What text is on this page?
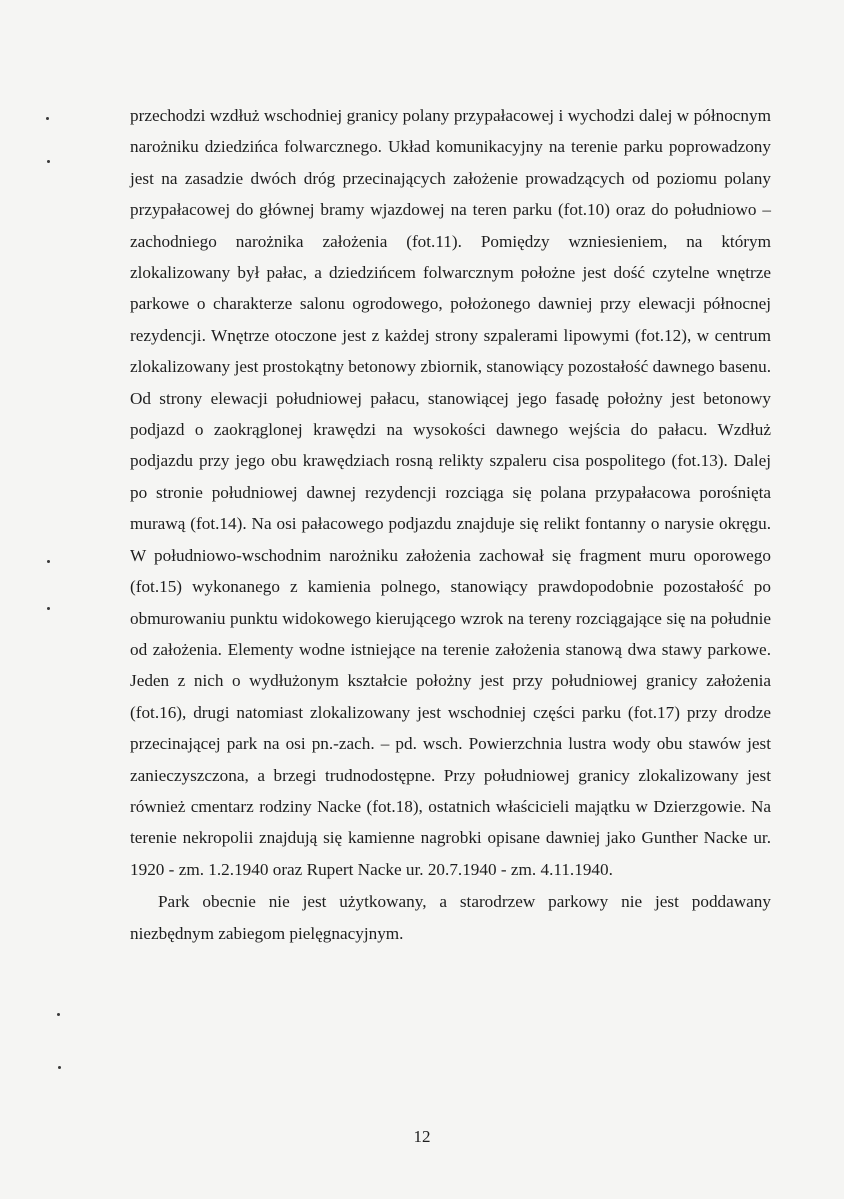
przechodzi wzdłuż wschodniej granicy polany przypałacowej i wychodzi dalej w północnym narożniku dziedzińca folwarcznego. Układ komunikacyjny na terenie parku poprowadzony jest na zasadzie dwóch dróg przecinających założenie prowadzących od poziomu polany przypałacowej do głównej bramy wjazdowej na teren parku (fot.10) oraz do południowo – zachodniego narożnika założenia (fot.11). Pomiędzy wzniesieniem, na którym zlokalizowany był pałac, a dziedzińcem folwarcznym położne jest dość czytelne wnętrze parkowe o charakterze salonu ogrodowego, położonego dawniej przy elewacji północnej rezydencji. Wnętrze otoczone jest z każdej strony szpalerami lipowymi (fot.12), w centrum zlokalizowany jest prostokątny betonowy zbiornik, stanowiący pozostałość dawnego basenu. Od strony elewacji południowej pałacu, stanowiącej jego fasadę położny jest betonowy podjazd o zaokrąglonej krawędzi na wysokości dawnego wejścia do pałacu. Wzdłuż podjazdu przy jego obu krawędziach rosną relikty szpaleru cisa pospolitego (fot.13). Dalej po stronie południowej dawnej rezydencji rozciąga się polana przypałacowa porośnięta murawą (fot.14). Na osi pałacowego podjazdu znajduje się relikt fontanny o narysie okręgu. W południowo-wschodnim narożniku założenia zachował się fragment muru oporowego (fot.15) wykonanego z kamienia polnego, stanowiący prawdopodobnie pozostałość po obmurowaniu punktu widokowego kierującego wzrok na tereny rozciągające się na południe od założenia. Elementy wodne istniejące na terenie założenia stanową dwa stawy parkowe. Jeden z nich o wydłużonym kształcie położny jest przy południowej granicy założenia (fot.16), drugi natomiast zlokalizowany jest wschodniej części parku (fot.17) przy drodze przecinającej park na osi pn.-zach. – pd. wsch. Powierzchnia lustra wody obu stawów jest zanieczyszczona, a brzegi trudnodostępne. Przy południowej granicy zlokalizowany jest również cmentarz rodziny Nacke (fot.18), ostatnich właścicieli majątku w Dzierzgowie. Na terenie nekropolii znajdują się kamienne nagrobki opisane dawniej jako Gunther Nacke ur. 1920 - zm. 1.2.1940 oraz Rupert Nacke ur. 20.7.1940 - zm. 4.11.1940.

Park obecnie nie jest użytkowany, a starodrzew parkowy nie jest poddawany niezbędnym zabiegom pielęgnacyjnym.

12
